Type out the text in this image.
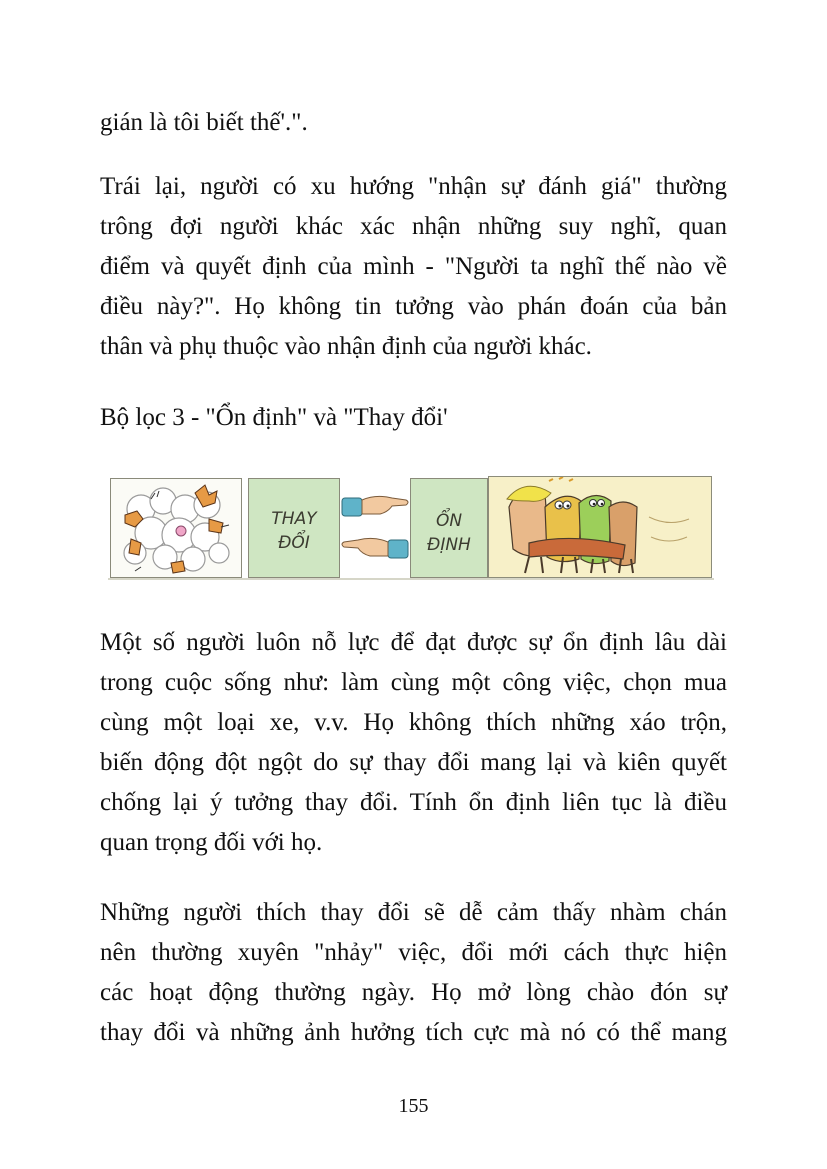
gián là tôi biết thế'.".
Trái lại, người có xu hướng "nhận sự đánh giá" thường
trông đợi người khác xác nhận những suy nghĩ, quan
điểm và quyết định của mình - "Người ta nghĩ thế nào về
điều này?". Họ không tin tưởng vào phán đoán của bản
thân và phụ thuộc vào nhận định của người khác.
Bộ lọc 3 - "Ổn định" và "Thay đổi'
THAY
ĐỔI
ỔN
ĐỊNH
Một số người luôn nỗ lực để đạt được sự ổn định lâu dài
trong cuộc sống như: làm cùng một công việc, chọn mua
cùng một loại xe, v.v. Họ không thích những xáo trộn,
biến động đột ngột do sự thay đổi mang lại và kiên quyết
chống lại ý tưởng thay đổi. Tính ổn định liên tục là điều
quan trọng đối với họ.
Những người thích thay đổi sẽ dễ cảm thấy nhàm chán
nên thường xuyên "nhảy" việc, đổi mới cách thực hiện
các hoạt động thường ngày. Họ mở lòng chào đón sự
thay đổi và những ảnh hưởng tích cực mà nó có thể mang
155
